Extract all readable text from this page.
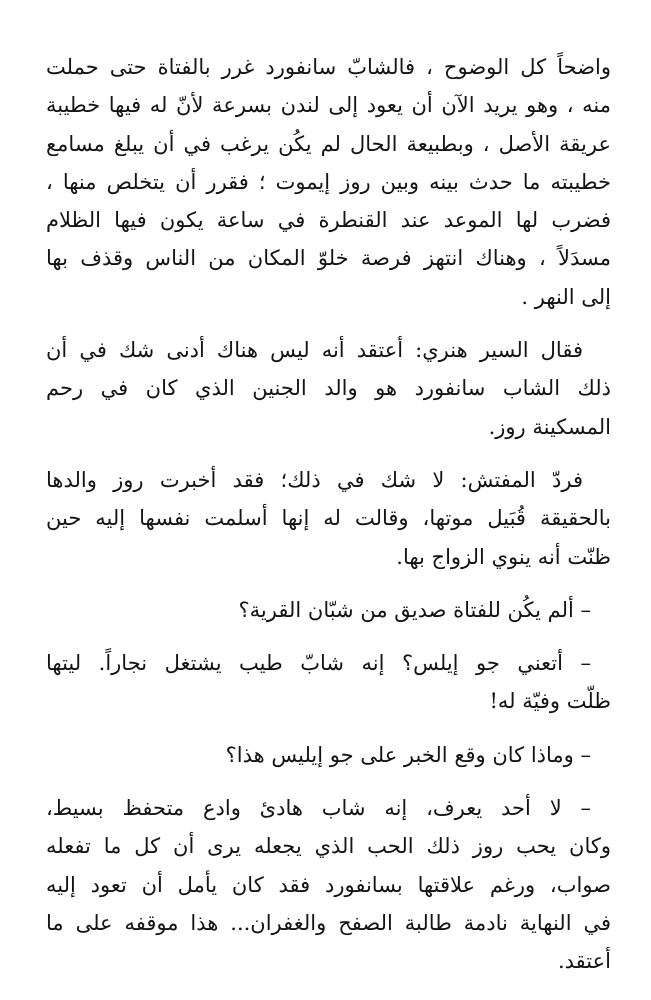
واضحاً كل الوضوح ، فالشابّ سانفورد غرر بالفتاة حتى حملت
منه ، وهو يريد الآن أن يعود إلى لندن بسرعة لأنّ له فيها خطيبة
عريقة الأصل ، وبطبيعة الحال لم يكُن يرغب في أن يبلغ مسامع
خطيبته ما حدث بينه وبين روز إيموت ؛ فقرر أن يتخلص منها ،
فضرب لها الموعد عند القنطرة في ساعة يكون فيها الظلام
مسدَلاً ، وهناك انتهز فرصة خلوّ المكان من الناس وقذف بها
إلى النهر .
فقال السير هنري: أعتقد أنه ليس هناك أدنى شك في أن
ذلك الشاب سانفورد هو والد الجنين الذي كان في رحم
المسكينة روز.
فردّ المفتش: لا شك في ذلك؛ فقد أخبرت روز والدها
بالحقيقة قُبَيل موتها، وقالت له إنها أسلمت نفسها إليه حين
ظنّت أنه ينوي الزواج بها.
– ألم يكُن للفتاة صديق من شبّان القرية؟
– أتعني جو إيلس؟ إنه شابّ طيب يشتغل نجاراً. ليتها
ظلّت وفيّة له!
– وماذا كان وقع الخبر على جو إيليس هذا؟
– لا أحد يعرف، إنه شاب هادئ وادع متحفظ بسيط،
وكان يحب روز ذلك الحب الذي يجعله يرى أن كل ما تفعله
صواب، ورغم علاقتها بسانفورد فقد كان يأمل أن تعود إليه
في النهاية نادمة طالبة الصفح والغفران... هذا موقفه على ما
أعتقد.
